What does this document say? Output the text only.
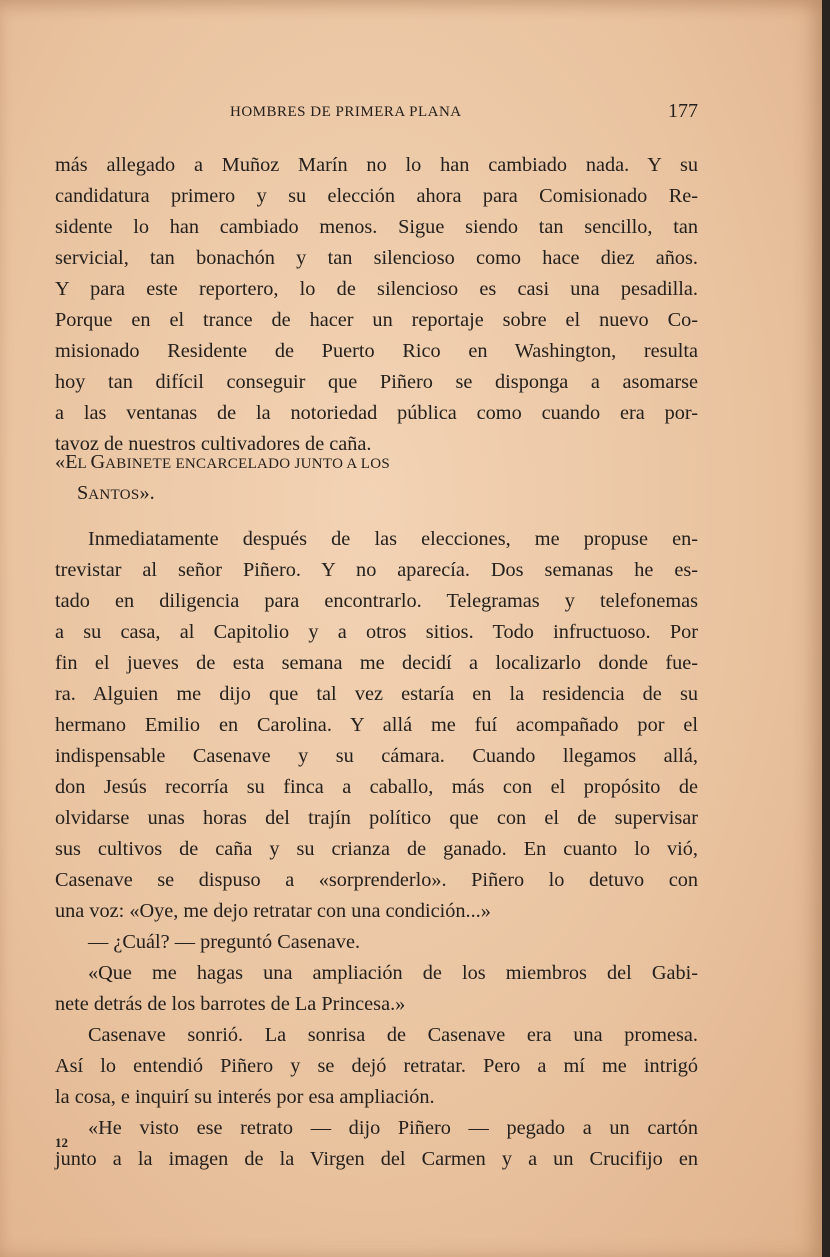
HOMBRES DE PRIMERA PLANA	177
más allegado a Muñoz Marín no lo han cambiado nada. Y su
candidatura primero y su elección ahora para Comisionado Re-
sidente lo han cambiado menos. Sigue siendo tan sencillo, tan
servicial, tan bonachón y tan silencioso como hace diez años.
Y para este reportero, lo de silencioso es casi una pesadilla.
Porque en el trance de hacer un reportaje sobre el nuevo Co-
misionado Residente de Puerto Rico en Washington, resulta
hoy tan difícil conseguir que Piñero se disponga a asomarse
a las ventanas de la notoriedad pública como cuando era por-
tavoz de nuestros cultivadores de caña.
«EL GABINETE ENCARCELADO JUNTO A LOS
SANTOS».
Inmediatamente después de las elecciones, me propuse en-
trevistar al señor Piñero. Y no aparecía. Dos semanas he es-
tado en diligencia para encontrarlo. Telegramas y telefonemas
a su casa, al Capitolio y a otros sitios. Todo infructuoso. Por
fin el jueves de esta semana me decidí a localizarlo donde fue-
ra. Alguien me dijo que tal vez estaría en la residencia de su
hermano Emilio en Carolina. Y allá me fuí acompañado por el
indispensable Casenave y su cámara. Cuando llegamos allá,
don Jesús recorría su finca a caballo, más con el propósito de
olvidarse unas horas del trajín político que con el de supervisar
sus cultivos de caña y su crianza de ganado. En cuanto lo vió,
Casenave se dispuso a «sorprenderlo». Piñero lo detuvo con
una voz: «Oye, me dejo retratar con una condición...»
— ¿Cuál? — preguntó Casenave.
«Que me hagas una ampliación de los miembros del Gabi-
nete detrás de los barrotes de La Princesa.»
Casenave sonrió. La sonrisa de Casenave era una promesa.
Así lo entendió Piñero y se dejó retratar. Pero a mí me intrigó
la cosa, e inquirí su interés por esa ampliación.
«He visto ese retrato — dijo Piñero — pegado a un cartón
junto a la imagen de la Virgen del Carmen y a un Crucifijo en
12
